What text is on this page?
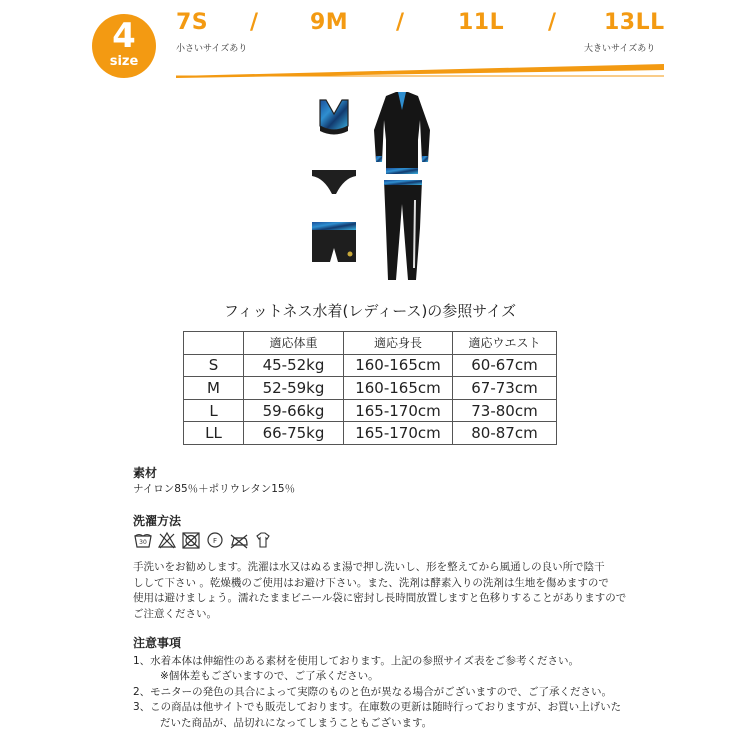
4
size
7S / 9M / 11L / 13LL
小さいサイズあり	大きいサイズあり
フィットネス水着(レディース)の参照サイズ
	適応体重	適応身長	適応ウエスト
S	45-52kg	160-165cm	60-67cm
M	52-59kg	160-165cm	67-73cm
L	59-66kg	165-170cm	73-80cm
LL	66-75kg	165-170cm	80-87cm
素材
ナイロン85％＋ポリウレタン15％
洗濯方法
30	F
手洗いをお勧めします。洗濯は水又はぬるま湯で押し洗いし、形を整えてから風通しの良い所で陰干
しして下さい 。乾燥機のご使用はお避け下さい。また、洗剤は酵素入りの洗剤は生地を傷めますので
使用は避けましょう。濡れたままビニール袋に密封し長時間放置しますと色移りすることがありますので
ご注意ください。
注意事項
1、水着本体は伸縮性のある素材を使用しております。上記の参照サイズ表をご参考ください。
※個体差もございますので、ご了承ください。
2、モニターの発色の具合によって実際のものと色が異なる場合がございますので、ご了承ください。
3、この商品は他サイトでも販売しております。在庫数の更新は随時行っておりますが、お買い上げいた
だいた商品が、品切れになってしまうこともございます。
